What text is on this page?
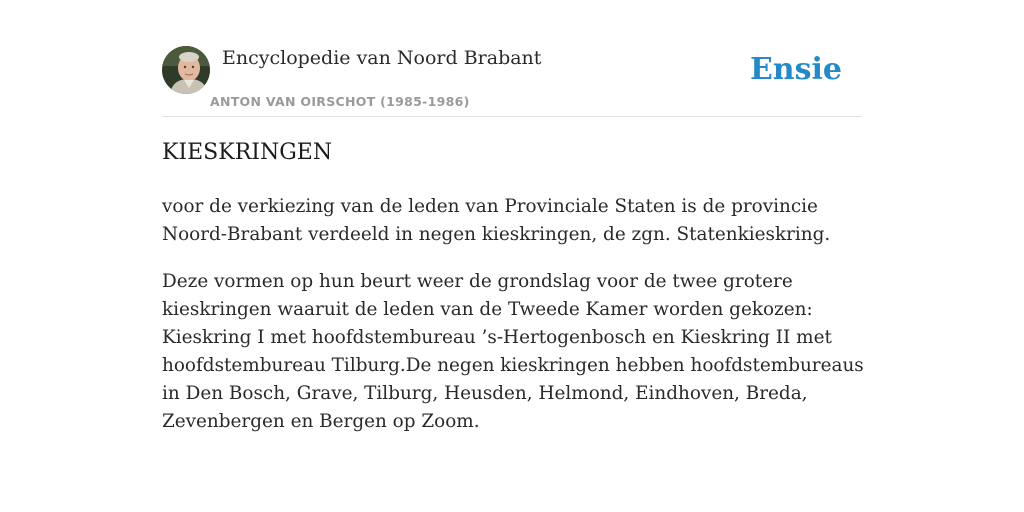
Encyclopedie van Noord Brabant
ANTON VAN OIRSCHOT (1985-1986)
Ensie
KIESKRINGEN

voor de verkiezing van de leden van Provinciale Staten is de provincie Noord-Brabant verdeeld in negen kieskringen, de zgn. Statenkieskring.

Deze vormen op hun beurt weer de grondslag voor de twee grotere kieskringen waaruit de leden van de Tweede Kamer worden gekozen: Kieskring I met hoofdstembureau ’s-Hertogenbosch en Kieskring II met hoofdstembureau Tilburg.De negen kieskringen hebben hoofdstembureaus in Den Bosch, Grave, Tilburg, Heusden, Helmond, Eindhoven, Breda, Zevenbergen en Bergen op Zoom.
